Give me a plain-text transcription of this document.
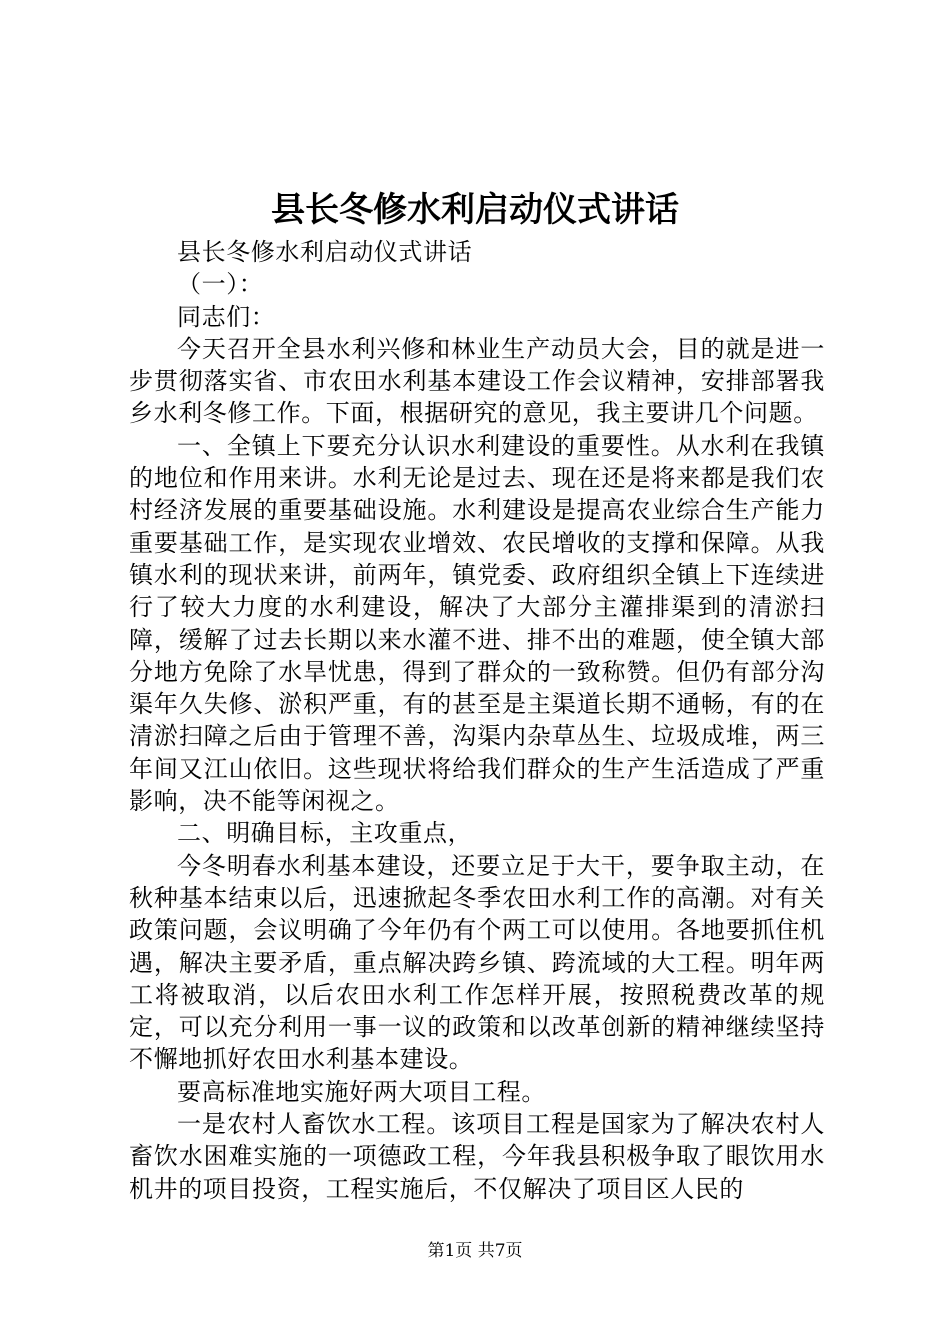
县长冬修水利启动仪式讲话

县长冬修水利启动仪式讲话

（一）：

同志们：

今天召开全县水利兴修和林业生产动员大会，目的就是进一步贯彻落实省、市农田水利基本建设工作会议精神，安排部署我乡水利冬修工作。下面，根据研究的意见，我主要讲几个问题。

一、全镇上下要充分认识水利建设的重要性。从水利在我镇的地位和作用来讲。水利无论是过去、现在还是将来都是我们农村经济发展的重要基础设施。水利建设是提高农业综合生产能力重要基础工作，是实现农业增效、农民增收的支撑和保障。从我镇水利的现状来讲，前两年，镇党委、政府组织全镇上下连续进行了较大力度的水利建设，解决了大部分主灌排渠到的清淤扫障，缓解了过去长期以来水灌不进、排不出的难题，使全镇大部分地方免除了水旱忧患，得到了群众的一致称赞。但仍有部分沟渠年久失修、淤积严重，有的甚至是主渠道长期不通畅，有的在清淤扫障之后由于管理不善，沟渠内杂草丛生、垃圾成堆，两三年间又江山依旧。这些现状将给我们群众的生产生活造成了严重影响，决不能等闲视之。

二、明确目标，主攻重点，

今冬明春水利基本建设，还要立足于大干，要争取主动，在秋种基本结束以后，迅速掀起冬季农田水利工作的高潮。对有关政策问题，会议明确了今年仍有个两工可以使用。各地要抓住机遇，解决主要矛盾，重点解决跨乡镇、跨流域的大工程。明年两工将被取消，以后农田水利工作怎样开展，按照税费改革的规定，可以充分利用一事一议的政策和以改革创新的精神继续坚持不懈地抓好农田水利基本建设。

要高标准地实施好两大项目工程。

一是农村人畜饮水工程。该项目工程是国家为了解决农村人畜饮水困难实施的一项德政工程，今年我县积极争取了眼饮用水机井的项目投资，工程实施后，不仅解决了项目区人民的

第1页 共7页
